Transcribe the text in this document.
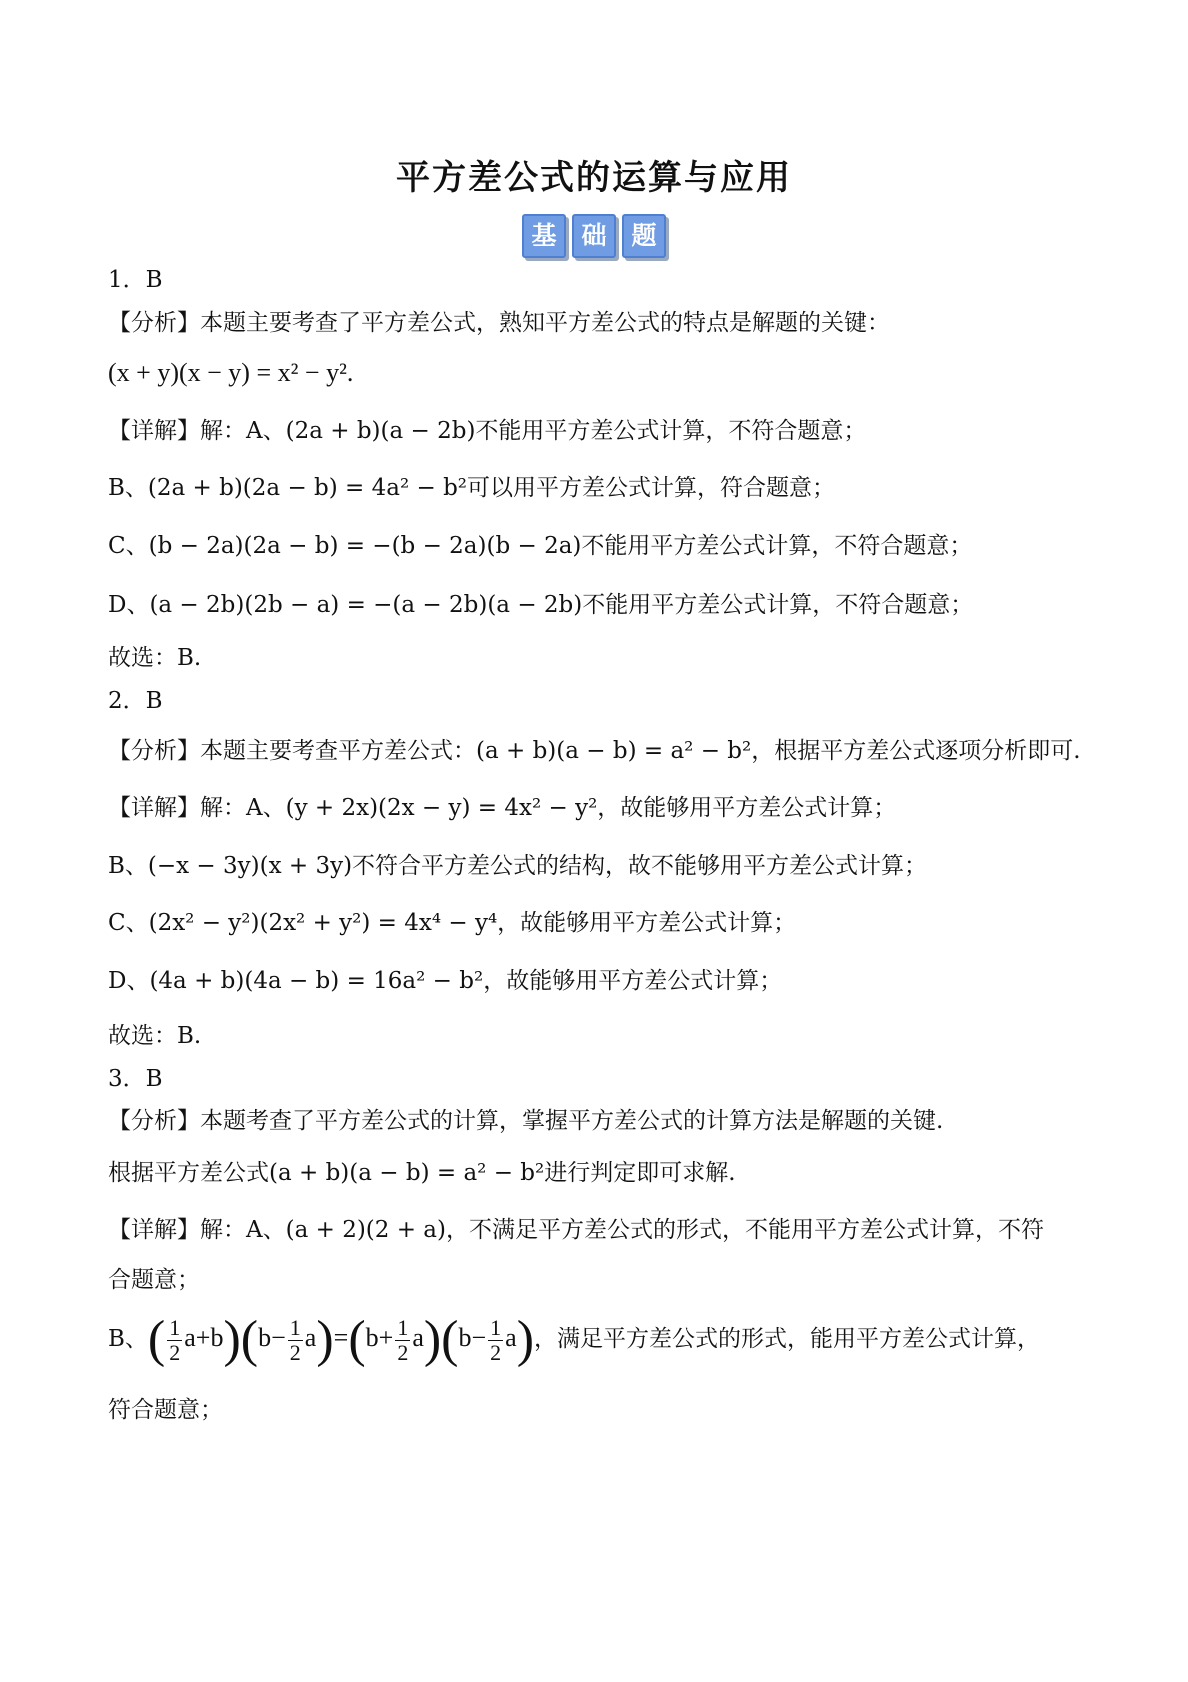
平方差公式的运算与应用
基 础 题
1．B
【分析】本题主要考查了平方差公式，熟知平方差公式的特点是解题的关键：
(x + y)(x − y) = x² − y².
【详解】解：A、(2a + b)(a − 2b)不能用平方差公式计算，不符合题意；
B、(2a + b)(2a − b) = 4a² − b²可以用平方差公式计算，符合题意；
C、(b − 2a)(2a − b) = −(b − 2a)(b − 2a)不能用平方差公式计算，不符合题意；
D、(a − 2b)(2b − a) = −(a − 2b)(a − 2b)不能用平方差公式计算，不符合题意；
故选：B.
2．B
【分析】本题主要考查平方差公式：(a + b)(a − b) = a² − b²，根据平方差公式逐项分析即可.
【详解】解：A、(y + 2x)(2x − y) = 4x² − y²，故能够用平方差公式计算；
B、(−x − 3y)(x + 3y)不符合平方差公式的结构，故不能够用平方差公式计算；
C、(2x² − y²)(2x² + y²) = 4x⁴ − y⁴，故能够用平方差公式计算；
D、(4a + b)(4a − b) = 16a² − b²，故能够用平方差公式计算；
故选：B.
3．B
【分析】本题考查了平方差公式的计算，掌握平方差公式的计算方法是解题的关键.
根据平方差公式(a + b)(a − b) = a² − b²进行判定即可求解.
【详解】解：A、(a + 2)(2 + a)，不满足平方差公式的形式，不能用平方差公式计算，不符
合题意；
B、( $\frac{1}{2} a+b)(b- \frac{1}{2} a)=(b+ \frac{1}{2} a)(b- \frac{1}{2} a)$，满足平方差公式的形式，能用平方差公式计算，
符合题意；
